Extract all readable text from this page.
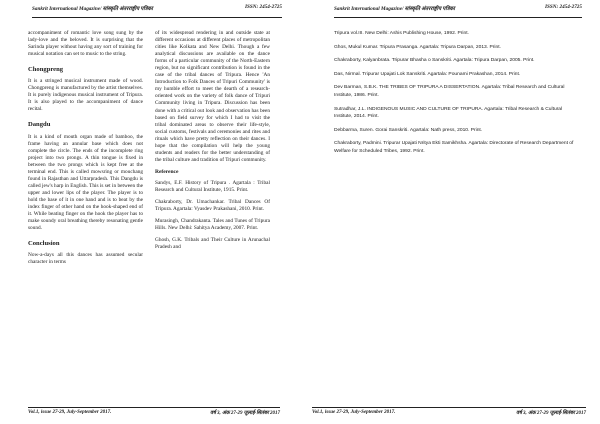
Sankrit International Magazine/ सांस्कृति अंतरराष्ट्रीय पत्रिका	ISSN: 2454-2725

accompaniment of romantic love song sung by the lady-love and the beloved. It is surprising that the Sarinda player without having any sort of training for musical notation can set to music to the string.

Chongpreng

It is a stringed musical instrument made of wood. Chongpreng is manufactured by the artist themselves. It is purely indigenous musical instrument of Tripura. It is also played to the accompaniment of dance recital.

Dangdu

It is a kind of mouth organ made of bamboo, the frame having an annular base which does not complete the circle. The ends of the incomplete ring project into two prongs. A thin tongue is fixed in between the two prongs which is kept free at the terminal end. This is called mowsring or mouchang found in Rajasthan and Uttarpradesh. This Dangdu is called jew's harp in English. This is set in between the upper and lower lips of the player. The player is to hold the base of it in one hand and is to beat by the index finger of other hand on the hook-shaped end of it. While beating finger on the hook the player has to make soundy oral breathing thereby resonating gentle sound.

Conclusion

Now-a-days all this dances has assumed secular character in terms

of its widespread rendering in and outside state at different occasions at different places of metropolitan cities like Kolkata and New Delhi. Though a few analytical discussions are available on the dance forms of a particular community of the North-Eastern region, but no significant contribution is found in the case of the tribal dances of Tripura. Hence 'An Introduction to Folk Dances of Tripuri Community' is my humble effort to meet the dearth of a research-oriented work on the variety of folk dance of Tripuri Community living in Tripura. Discussion has been done with a critical out look and observation has been based on field survey for which I had to visit the tribal dominated areas to observe their life-style, social customs, festivals and ceremonies and rites and rituals which have pretty reflection on their dances. I hope that the compilation will help the young students and readers for the better understanding of the tribal culture and tradition of Tripuri community.

Reference

Sandys, E.F. History of Tripura . Agartala : Tribal Research and Cultural Institute, 1915. Print.

Chakraborty, Dr. Umachankar. Tribal Dances Of Tripura. Agartala: Vyasdev Prakashani, 2010. Print.

Murasingh, Chandrakanta. Tales and Tunes of Tripura Hills. New Delhi: Sahitya Academy, 2007. Print.

Ghosh, G.K. Tribals and Their Culture in Arunachal Pradesh and

Vol.1, issue 27-29, July-September 2017.	वर्ष 3, अंक 27-29 जुलाई-सितंबर 2017
Sankrit International Magazine/ सांस्कृति अंतरराष्ट्रीय पत्रिका	ISSN: 2454-2725

Tripura vol.III. New Delhi: Ashis Publishing House, 1992. Print.

Ghos, Mukul Kumar. Tripura Prasanga. Agartala: Tripura Darpan, 2013. Print.

Chakraborty, Kalyanbrata. Tripurar Bhasha o Sanskriti. Agartala: Tripura Darpan, 2005. Print.

Das, Nirmal. Tripurar Upajati Lok Sanskriti. Agartala: Pounami Prakashan, 2014. Print.

Dev Barman, S.B.K. THE TRIBES OF TRIPURA A DISSERTATION. Agartala: Tribal Research and Cultural Institute, 1986. Print.

Sutradhar, J.L. INDIGENOUS MUSIC AND CULTURE OF TRIPURA. Agartala: Tribal Research & Cultural Institute, 2014. Print.

Debbarma, Suren. Gorai Sanskriti. Agartala: Nath press, 2010. Print.

Chakraborty, Padmini. Tripurar Upajati Nritya Ekti Samikhsha. Agartala: Directorate of Research Department of Welfare for Scheduled Tribes, 1992. Print.

Vol.1, issue 27-29, July-September 2017.	वर्ष 3, अंक 27-29 जुलाई-सितंबर 2017
